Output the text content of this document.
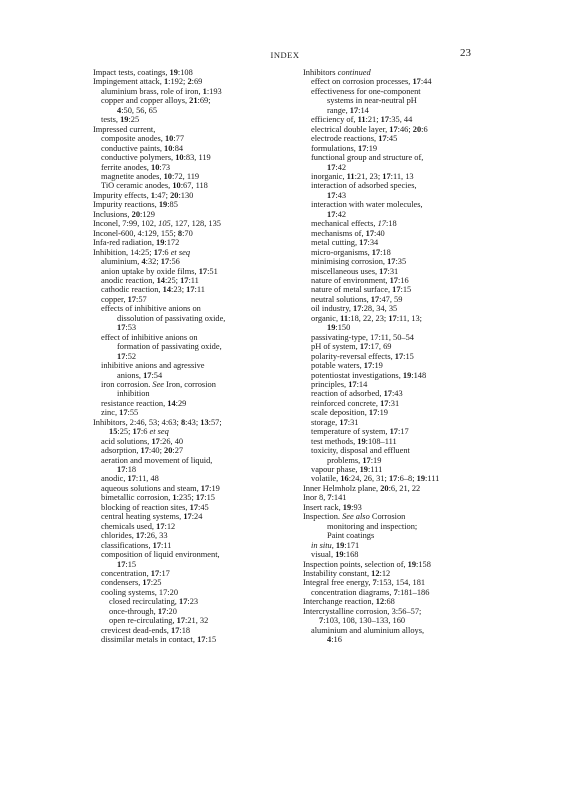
INDEX	23
Impact tests, coatings, 19:108
Impingement attack, 1:192; 2:69
aluminium brass, role of iron, 1:193
copper and copper alloys, 21:69;
4:50, 56, 65
tests, 19:25
Impressed current,
composite anodes, 10:77
conductive paints, 10:84
conductive polymers, 10:83, 119
ferrite anodes, 10:73
magnetite anodes, 10:72, 119
TiO ceramic anodes, 10:67, 118
Impurity effects, 1:47; 20:130
Impurity reactions, 19:85
Inclusions, 20:129
Inconel, 7:99, 102, 105, 127, 128, 135
Inconel-600, 4:129, 155; 8:70
Infa-red radiation, 19:172
Inhibition, 14:25; 17:6 et seq
aluminium, 4:32; 17:56
anion uptake by oxide films, 17:51
anodic reaction, 14:25; 17:11
cathodic reaction, 14:23; 17:11
copper, 17:57
effects of inhibitive anions on
dissolution of passivating oxide,
17:53
effect of inhibitive anions on
formation of passivating oxide,
17:52
inhibitive anions and agressive
anions, 17:54
iron corrosion. See Iron, corrosion
inhibition
resistance reaction, 14:29
zinc, 17:55
Inhibitors, 2:46, 53; 4:63; 8:43; 13:57;
15:25; 17:6 et seq
acid solutions, 17:26, 40
adsorption, 17:40; 20:27
aeration and movement of liquid,
17:18
anodic, 17:11, 48
aqueous solutions and steam, 17:19
bimetallic corrosion, 1:235; 17:15
blocking of reaction sites, 17:45
central heating systems, 17:24
chemicals used, 17:12
chlorides, 17:26, 33
classifications, 17:11
composition of liquid environment,
17:15
concentration, 17:17
condensers, 17:25
cooling systems, 17:20
closed recirculating, 17:23
once-through, 17:20
open re-circulating, 17:21, 32
crevicest dead-ends, 17:18
dissimilar metals in contact, 17:15
Inhibitors continued
effect on corrosion processes, 17:44
effectiveness for one-component
systems in near-neutral pH
range, 17:14
efficiency of, 11:21; 17:35, 44
electrical double layer, 17:46; 20:6
electrode reactions, 17:45
formulations, 17:19
functional group and structure of,
17:42
inorganic, 11:21, 23; 17:11, 13
interaction of adsorbed species,
17:43
interaction with water molecules,
17:42
mechanical effects, 17:18
mechanisms of, 17:40
metal cutting, 17:34
micro-organisms, 17:18
minimising corrosion, 17:35
miscellaneous uses, 17:31
nature of environment, 17:16
nature of metal surface, 17:15
neutral solutions, 17:47, 59
oil industry, 17:28, 34, 35
organic, 11:18, 22, 23; 17:11, 13;
19:150
passivating-type, 17:11, 50–54
pH of system, 17:17, 69
polarity-reversal effects, 17:15
potable waters, 17:19
potentiostat investigations, 19:148
principles, 17:14
reaction of adsorbed, 17:43
reinforced concrete, 17:31
scale deposition, 17:19
storage, 17:31
temperature of system, 17:17
test methods, 19:108–111
toxicity, disposal and effluent
problems, 17:19
vapour phase, 19:111
volatile, 16:24, 26, 31; 17:6–8; 19:111
Inner Helmholz plane, 20:6, 21, 22
Inor 8, 7:141
Insert rack, 19:93
Inspection. See also Corrosion
monitoring and inspection;
Paint coatings
in situ, 19:171
visual, 19:168
Inspection points, selection of, 19:158
Instability constant, 12:12
Integral free energy, 7:153, 154, 181
concentration diagrams, 7:181–186
Interchange reaction, 12:68
Intercrystalline corrosion, 3:56–57;
7:103, 108, 130–133, 160
aluminium and aluminium alloys,
4:16
